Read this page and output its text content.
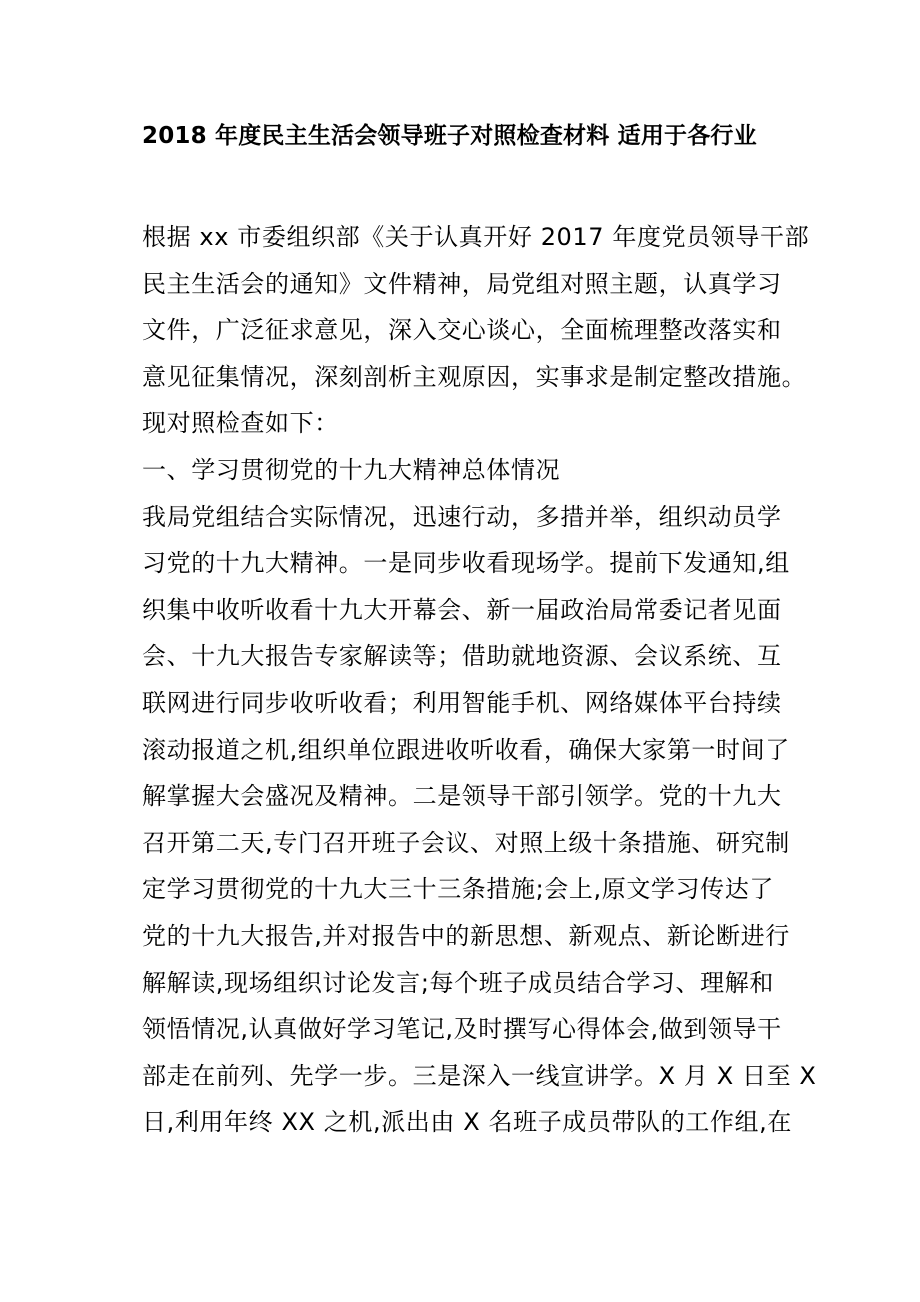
2018 年度民主生活会领导班子对照检查材料 适用于各行业
根据 xx 市委组织部《关于认真开好 2017 年度党员领导干部
民主生活会的通知》文件精神，局党组对照主题，认真学习
文件，广泛征求意见，深入交心谈心，全面梳理整改落实和
意见征集情况，深刻剖析主观原因，实事求是制定整改措施。
现对照检查如下：
一、学习贯彻党的十九大精神总体情况
我局党组结合实际情况，迅速行动，多措并举，组织动员学
习党的十九大精神。一是同步收看现场学。提前下发通知,组
织集中收听收看十九大开幕会、新一届政治局常委记者见面
会、十九大报告专家解读等；借助就地资源、会议系统、互
联网进行同步收听收看；利用智能手机、网络媒体平台持续
滚动报道之机,组织单位跟进收听收看，确保大家第一时间了
解掌握大会盛况及精神。二是领导干部引领学。党的十九大
召开第二天,专门召开班子会议、对照上级十条措施、研究制
定学习贯彻党的十九大三十三条措施;会上,原文学习传达了
党的十九大报告,并对报告中的新思想、新观点、新论断进行
解解读,现场组织讨论发言;每个班子成员结合学习、理解和
领悟情况,认真做好学习笔记,及时撰写心得体会,做到领导干
部走在前列、先学一步。三是深入一线宣讲学。X 月 X 日至 X
日,利用年终 XX 之机,派出由 X 名班子成员带队的工作组,在
